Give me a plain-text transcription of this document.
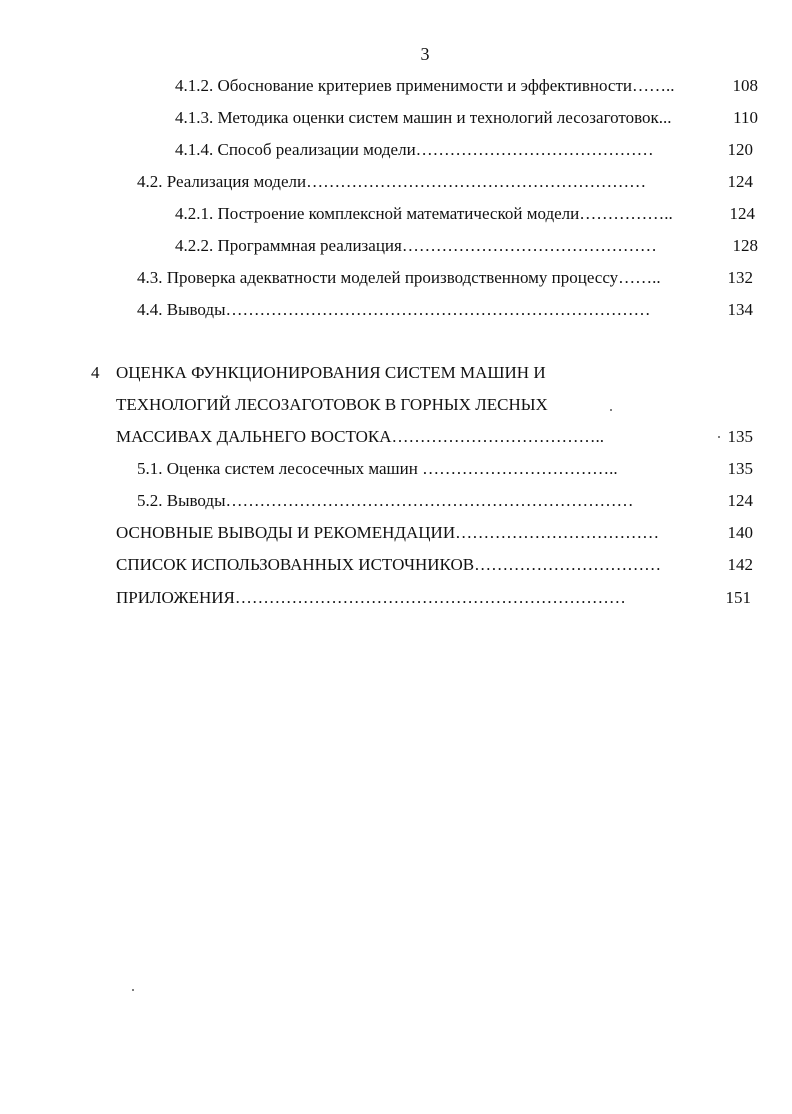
3
4.1.2. Обоснование критериев применимости и эффективности……..	108
4.1.3. Методика оценки систем машин и технологий лесозаготовок...	110
4.1.4. Способ реализации модели……………………………………	120
4.2. Реализация модели……………………………………………………	124
4.2.1. Построение комплексной математической модели……………..	124
4.2.2. Программная реализация………………………………………	128
4.3. Проверка адекватности моделей производственному процессу……..	132
4.4. Выводы…………………………………………………………………	134
4 ОЦЕНКА ФУНКЦИОНИРОВАНИЯ СИСТЕМ МАШИН И
ТЕХНОЛОГИЙ ЛЕСОЗАГОТОВОК В ГОРНЫХ ЛЕСНЫХ
МАССИВАХ ДАЛЬНЕГО ВОСТОКА………………………………..	135
5.1. Оценка систем лесосечных машин ……………………………..	135
5.2. Выводы………………………………………………………………	124
ОСНОВНЫЕ ВЫВОДЫ И РЕКОМЕНДАЦИИ………………………………	140
СПИСОК ИСПОЛЬЗОВАННЫХ ИСТОЧНИКОВ……………………………	142
ПРИЛОЖЕНИЯ……………………………………………………………	151
